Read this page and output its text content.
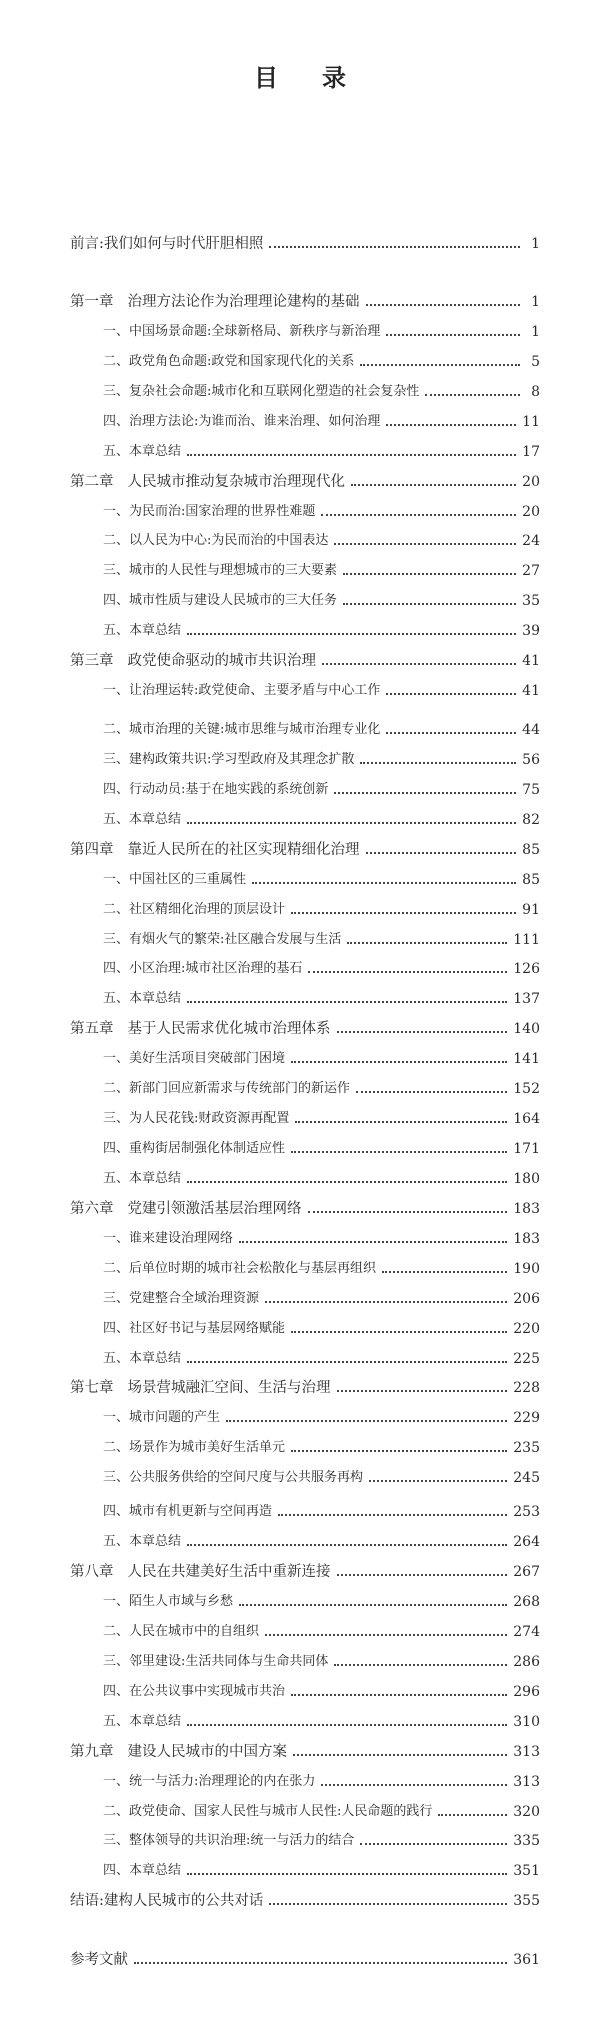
目录
前言:我们如何与时代肝胆相照	1
第一章 治理方法论作为治理理论建构的基础	1
一、中国场景命题:全球新格局、新秩序与新治理	1
二、政党角色命题:政党和国家现代化的关系	5
三、复杂社会命题:城市化和互联网化塑造的社会复杂性	8
四、治理方法论:为谁而治、谁来治理、如何治理	11
五、本章总结	17
第二章 人民城市推动复杂城市治理现代化	20
一、为民而治:国家治理的世界性难题	20
二、以人民为中心:为民而治的中国表达	24
三、城市的人民性与理想城市的三大要素	27
四、城市性质与建设人民城市的三大任务	35
五、本章总结	39
第三章 政党使命驱动的城市共识治理	41
一、让治理运转:政党使命、主要矛盾与中心工作	41
二、城市治理的关键:城市思维与城市治理专业化	44
三、建构政策共识:学习型政府及其理念扩散	56
四、行动动员:基于在地实践的系统创新	75
五、本章总结	82
第四章 靠近人民所在的社区实现精细化治理	85
一、中国社区的三重属性	85
二、社区精细化治理的顶层设计	91
三、有烟火气的繁荣:社区融合发展与生活	111
四、小区治理:城市社区治理的基石	126
五、本章总结	137
第五章 基于人民需求优化城市治理体系	140
一、美好生活项目突破部门困境	141
二、新部门回应新需求与传统部门的新运作	152
三、为人民花钱:财政资源再配置	164
四、重构街居制强化体制适应性	171
五、本章总结	180
第六章 党建引领激活基层治理网络	183
一、谁来建设治理网络	183
二、后单位时期的城市社会松散化与基层再组织	190
三、党建整合全域治理资源	206
四、社区好书记与基层网络赋能	220
五、本章总结	225
第七章 场景营城融汇空间、生活与治理	228
一、城市问题的产生	229
二、场景作为城市美好生活单元	235
三、公共服务供给的空间尺度与公共服务再构	245
四、城市有机更新与空间再造	253
五、本章总结	264
第八章 人民在共建美好生活中重新连接	267
一、陌生人市域与乡愁	268
二、人民在城市中的自组织	274
三、邻里建设:生活共同体与生命共同体	286
四、在公共议事中实现城市共治	296
五、本章总结	310
第九章 建设人民城市的中国方案	313
一、统一与活力:治理理论的内在张力	313
二、政党使命、国家人民性与城市人民性:人民命题的践行	320
三、整体领导的共识治理:统一与活力的结合	335
四、本章总结	351
结语:建构人民城市的公共对话	355
参考文献	361
